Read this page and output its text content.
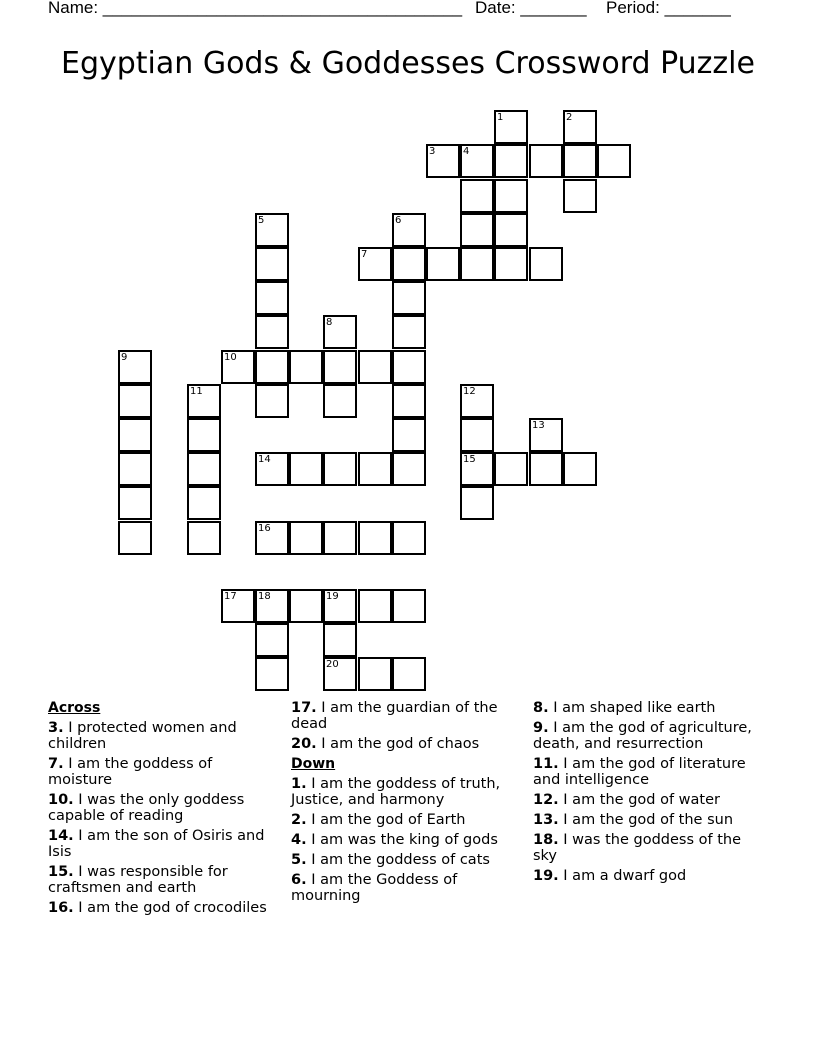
Name: ______________________________________ Date: _______ Period: _______
Egyptian Gods & Goddesses Crossword Puzzle
1	2
3	4
5	6
7
8
9	10
11	12
13
14	15
16
17 18	19
20
Across
3. I protected women and children
7. I am the goddess of moisture
10. I was the only goddess capable of reading
14. I am the son of Osiris and Isis
15. I was responsible for craftsmen and earth
16. I am the god of crocodiles
17. I am the guardian of the dead
20. I am the god of chaos
Down
1. I am the goddess of truth, Justice, and harmony
2. I am the god of Earth
4. I am was the king of gods
5. I am the goddess of cats
6. I am the Goddess of mourning
8. I am shaped like earth
9. I am the god of agriculture, death, and resurrection
11. I am the god of literature and intelligence
12. I am the god of water
13. I am the god of the sun
18. I was the goddess of the sky
19. I am a dwarf god
